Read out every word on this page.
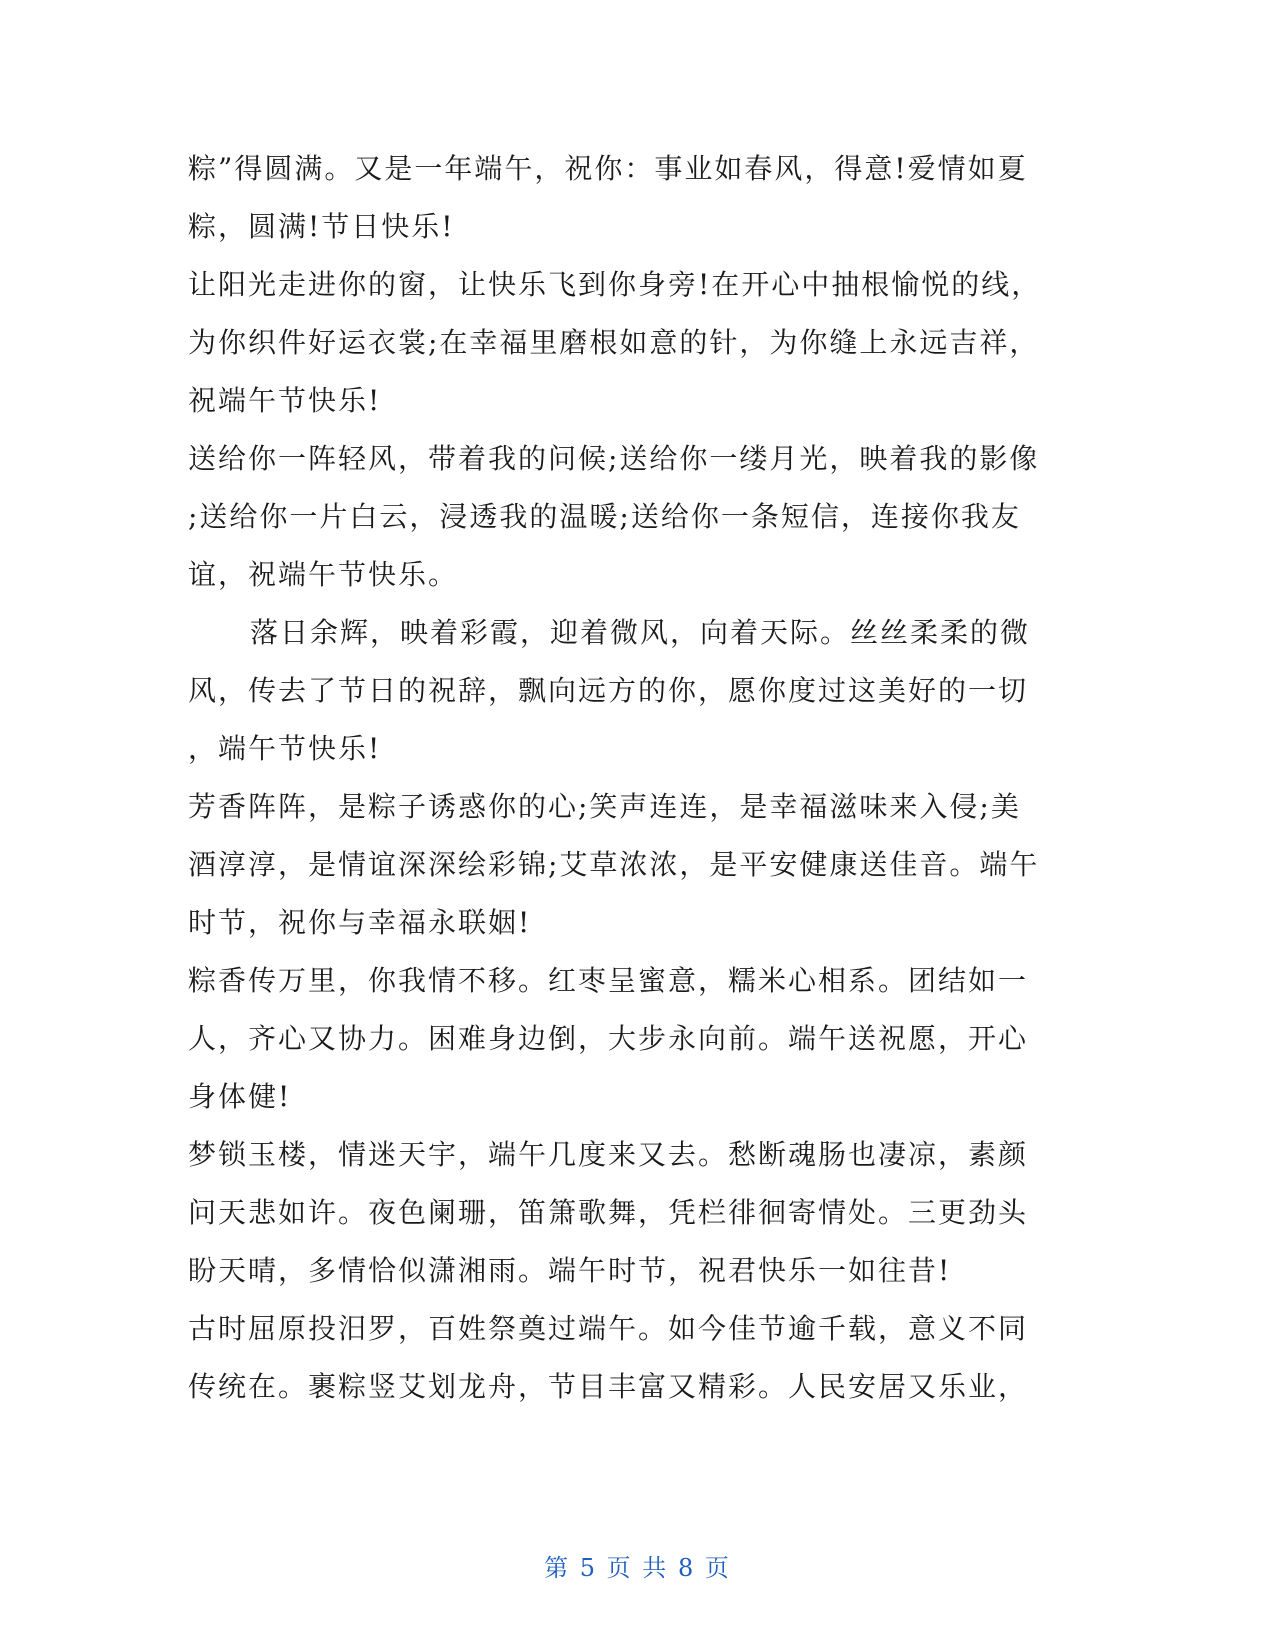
粽”得圆满。又是一年端午，祝你：事业如春风，得意!爱情如夏
粽，圆满!节日快乐!
让阳光走进你的窗，让快乐飞到你身旁!在开心中抽根愉悦的线，
为你织件好运衣裳;在幸福里磨根如意的针，为你缝上永远吉祥，
祝端午节快乐!
送给你一阵轻风，带着我的问候;送给你一缕月光，映着我的影像
;送给你一片白云，浸透我的温暖;送给你一条短信，连接你我友
谊，祝端午节快乐。
落日余辉，映着彩霞，迎着微风，向着天际。丝丝柔柔的微
风，传去了节日的祝辞，飘向远方的你，愿你度过这美好的一切
，端午节快乐!
芳香阵阵，是粽子诱惑你的心;笑声连连，是幸福滋味来入侵;美
酒淳淳，是情谊深深绘彩锦;艾草浓浓，是平安健康送佳音。端午
时节，祝你与幸福永联姻!
粽香传万里，你我情不移。红枣呈蜜意，糯米心相系。团结如一
人，齐心又协力。困难身边倒，大步永向前。端午送祝愿，开心
身体健!
梦锁玉楼，情迷天宇，端午几度来又去。愁断魂肠也凄凉，素颜
问天悲如许。夜色阑珊，笛箫歌舞，凭栏徘徊寄情处。三更劲头
盼天晴，多情恰似潇湘雨。端午时节，祝君快乐一如往昔!
古时屈原投汨罗，百姓祭奠过端午。如今佳节逾千载，意义不同
传统在。裹粽竖艾划龙舟，节目丰富又精彩。人民安居又乐业，
第 5 页 共 8 页
